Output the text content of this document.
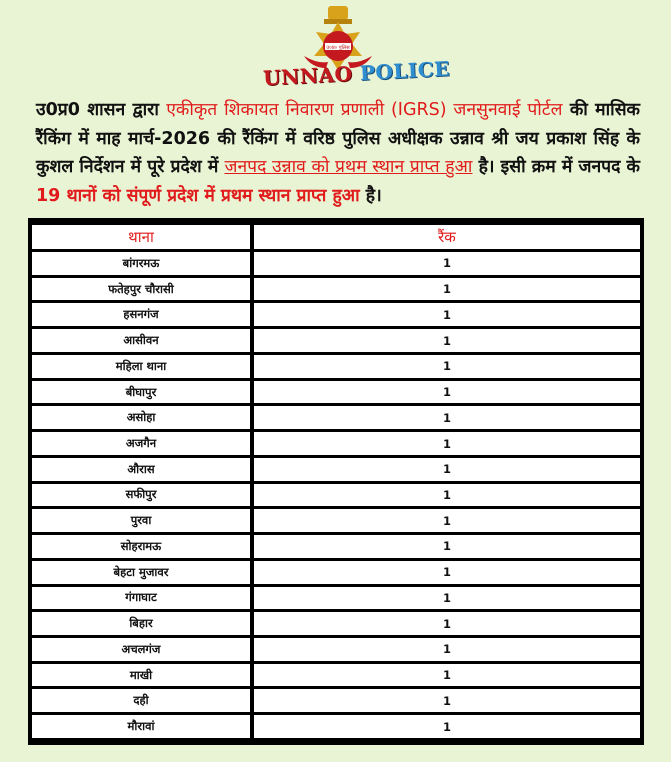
उ०प्र० पुलिस
UNNAO POLICE
उ0प्र0 शासन द्वारा एकीकृत शिकायत निवारण प्रणाली (IGRS) जनसुनवाई पोर्टल की मासिक रैंकिंग में माह मार्च-2026 की रैंकिंग में वरिष्ठ पुलिस अधीक्षक उन्नाव श्री जय प्रकाश सिंह के कुशल निर्देशन में पूरे प्रदेश में जनपद उन्नाव को प्रथम स्थान प्राप्त हुआ है। इसी क्रम में जनपद के 19 थानों को संपूर्ण प्रदेश में प्रथम स्थान प्राप्त हुआ है।
थाना	रैंक
बांगरमऊ	1
फतेहपुर चौरासी	1
हसनगंज	1
आसीवन	1
महिला थाना	1
बीघापुर	1
असोहा	1
अजगैन	1
औरास	1
सफीपुर	1
पुरवा	1
सोहरामऊ	1
बेहटा मुजावर	1
गंगाघाट	1
बिहार	1
अचलगंज	1
माखी	1
दही	1
मौरावां	1
